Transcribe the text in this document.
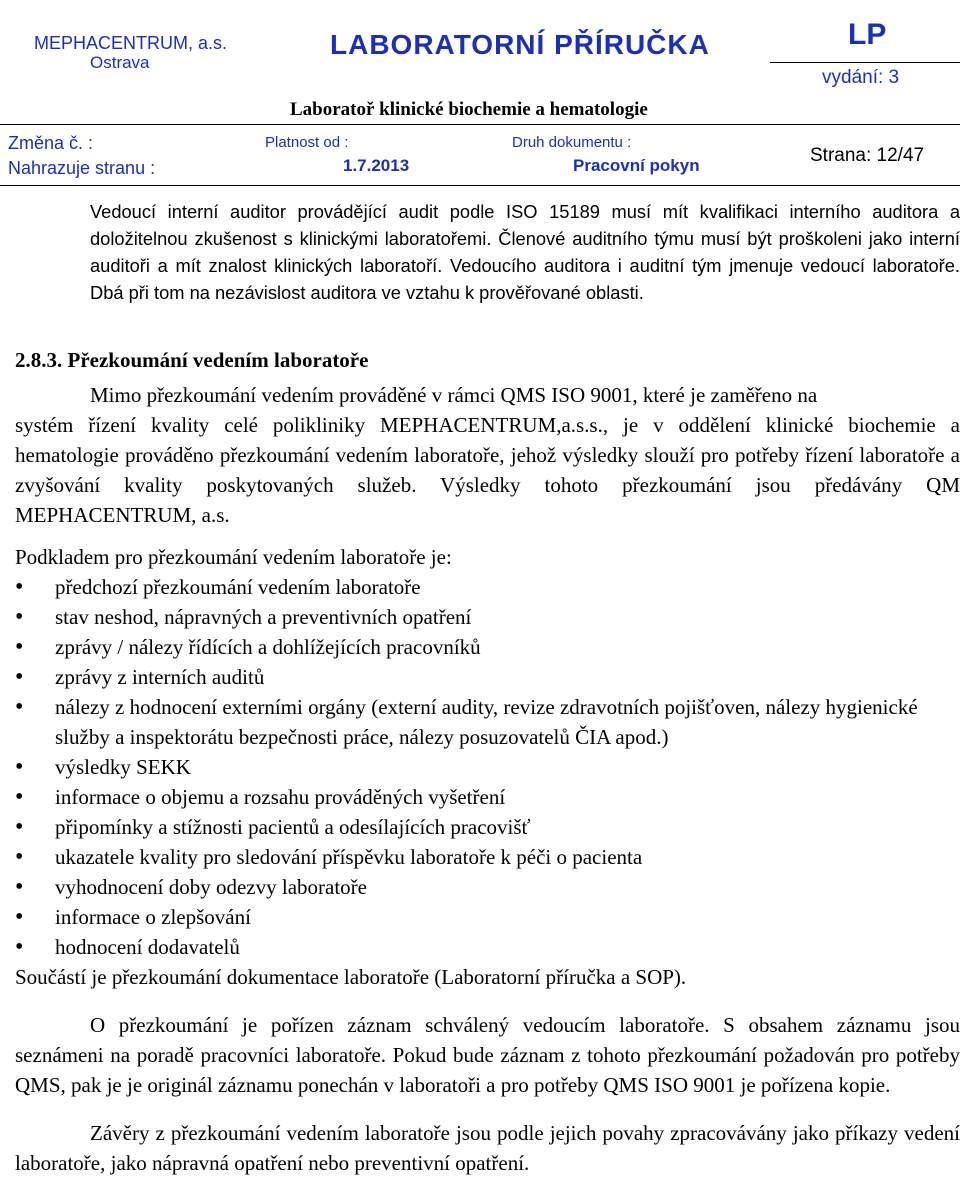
MEPHACENTRUM, a.s.
Ostrava
LABORATORNÍ PŘÍRUČKA	LP
vydání: 3
Laboratoř klinické biochemie a hematologie
Změna č. :
Nahrazuje stranu :
Platnost od :
1.7.2013
Druh dokumentu :
Pracovní pokyn	Strana: 12/47

Vedoucí interní auditor provádějící audit podle ISO 15189 musí mít kvalifikaci interního auditora a doložitelnou zkušenost s klinickými laboratořemi. Členové auditního týmu musí být proškoleni jako interní auditoři a mít znalost klinických laboratoří. Vedoucího auditora i auditní tým jmenuje vedoucí laboratoře. Dbá při tom na nezávislost auditora ve vztahu k prověřované oblasti.

2.8.3. Přezkoumání vedením laboratoře

Mimo přezkoumání vedením prováděné v rámci QMS ISO 9001, které je zaměřeno na
systém řízení kvality celé polikliniky MEPHACENTRUM,a.s.s., je v oddělení klinické biochemie a hematologie prováděno přezkoumání vedením laboratoře, jehož výsledky slouží pro potřeby řízení laboratoře a zvyšování kvality poskytovaných služeb. Výsledky tohoto přezkoumání jsou předávány QM MEPHACENTRUM, a.s.

Podkladem pro přezkoumání vedením laboratoře je:

• předchozí přezkoumání vedením laboratoře
• stav neshod, nápravných a preventivních opatření
• zprávy / nálezy řídících a dohlížejících pracovníků
• zprávy z interních auditů
• nálezy z hodnocení externími orgány (externí audity, revize zdravotních pojišťoven, nálezy hygienické služby a inspektorátu bezpečnosti práce, nálezy posuzovatelů ČIA apod.)
• výsledky SEKK
• informace o objemu a rozsahu prováděných vyšetření
• připomínky a stížnosti pacientů a odesílajících pracovišť
• ukazatele kvality pro sledování příspěvku laboratoře k péči o pacienta
• vyhodnocení doby odezvy laboratoře
• informace o zlepšování
• hodnocení dodavatelů

Součástí je přezkoumání dokumentace laboratoře (Laboratorní příručka a SOP).

O přezkoumání je pořízen záznam schválený vedoucím laboratoře. S obsahem záznamu jsou seznámeni na poradě pracovníci laboratoře. Pokud bude záznam z tohoto přezkoumání požadován pro potřeby QMS, pak je je originál záznamu ponechán v laboratoři a pro potřeby QMS ISO 9001 je pořízena kopie.

Závěry z přezkoumání vedením laboratoře jsou podle jejich povahy zpracovávány jako příkazy vedení laboratoře, jako nápravná opatření nebo preventivní opatření.
